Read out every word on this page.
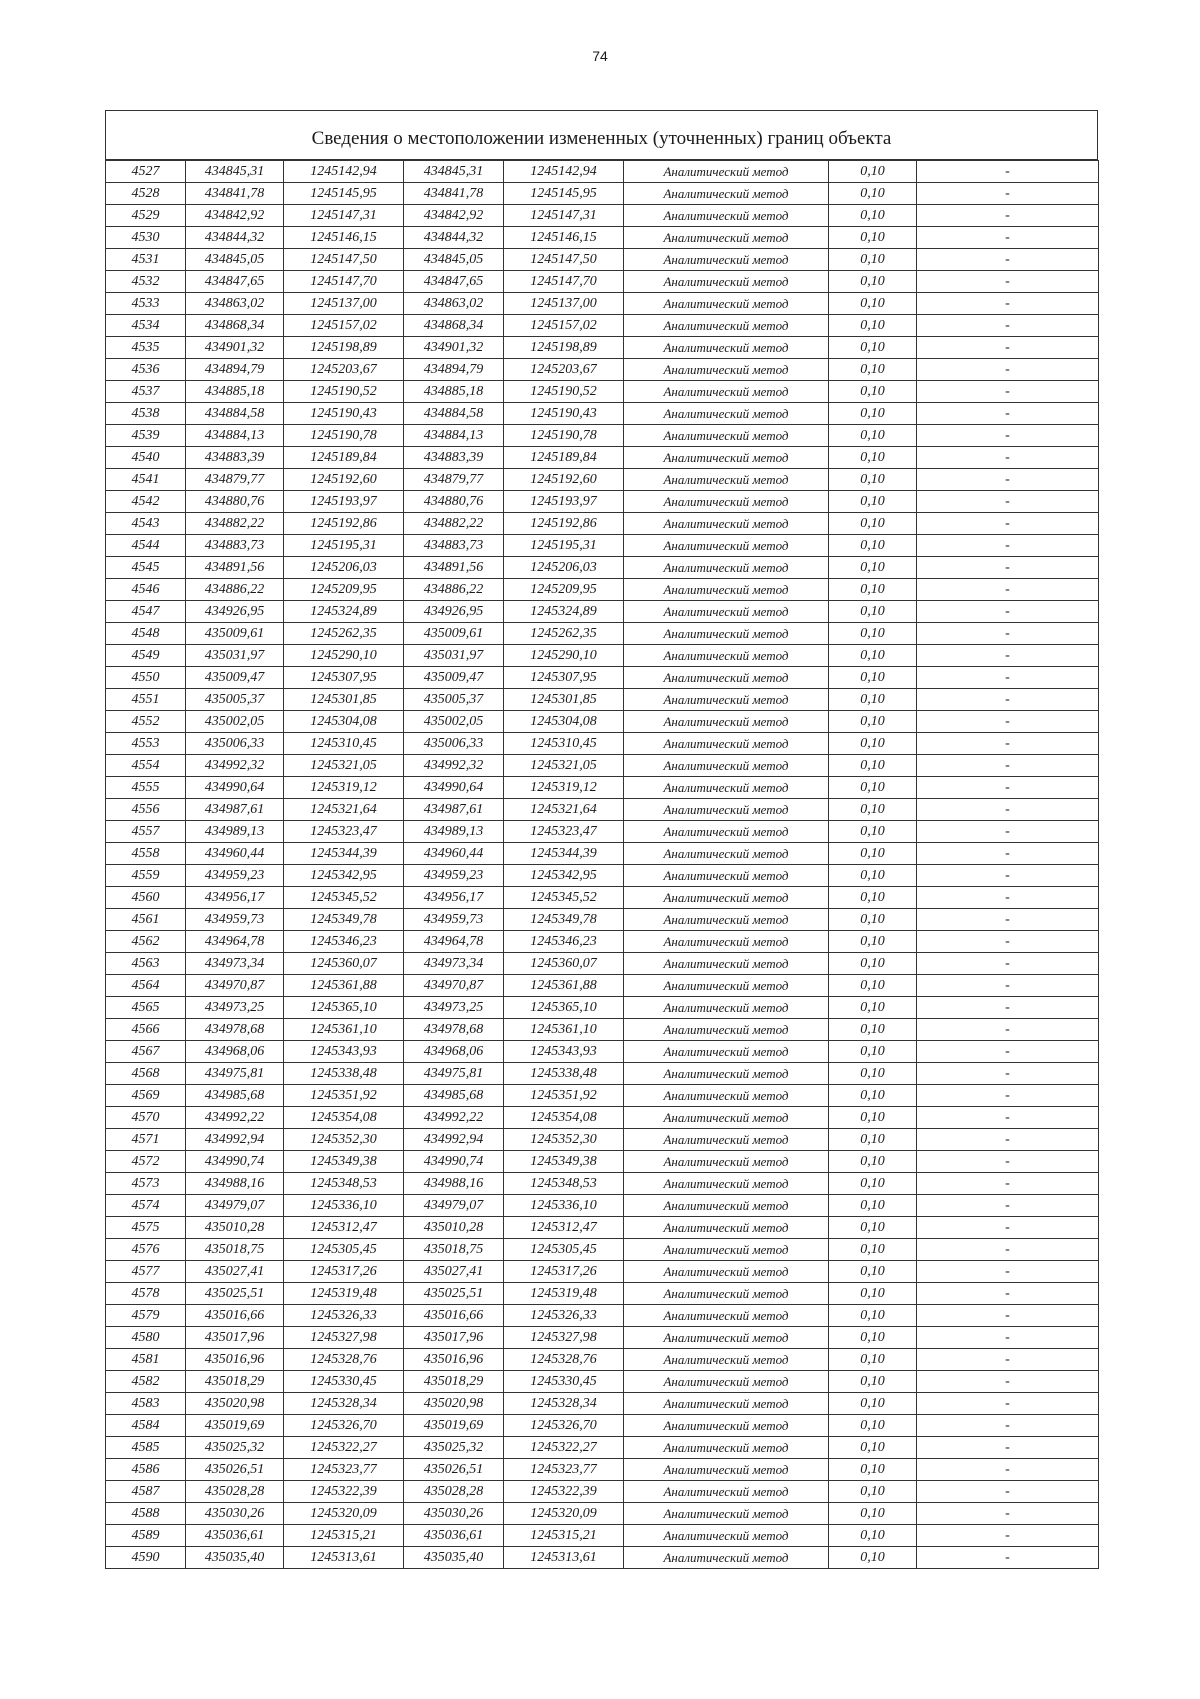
74
Сведения о местоположении измененных (уточненных) границ объекта
4527	434845,31	1245142,94	434845,31	1245142,94	Аналитический метод	0,10	-
4528	434841,78	1245145,95	434841,78	1245145,95	Аналитический метод	0,10	-
4529	434842,92	1245147,31	434842,92	1245147,31	Аналитический метод	0,10	-
4530	434844,32	1245146,15	434844,32	1245146,15	Аналитический метод	0,10	-
4531	434845,05	1245147,50	434845,05	1245147,50	Аналитический метод	0,10	-
4532	434847,65	1245147,70	434847,65	1245147,70	Аналитический метод	0,10	-
4533	434863,02	1245137,00	434863,02	1245137,00	Аналитический метод	0,10	-
4534	434868,34	1245157,02	434868,34	1245157,02	Аналитический метод	0,10	-
4535	434901,32	1245198,89	434901,32	1245198,89	Аналитический метод	0,10	-
4536	434894,79	1245203,67	434894,79	1245203,67	Аналитический метод	0,10	-
4537	434885,18	1245190,52	434885,18	1245190,52	Аналитический метод	0,10	-
4538	434884,58	1245190,43	434884,58	1245190,43	Аналитический метод	0,10	-
4539	434884,13	1245190,78	434884,13	1245190,78	Аналитический метод	0,10	-
4540	434883,39	1245189,84	434883,39	1245189,84	Аналитический метод	0,10	-
4541	434879,77	1245192,60	434879,77	1245192,60	Аналитический метод	0,10	-
4542	434880,76	1245193,97	434880,76	1245193,97	Аналитический метод	0,10	-
4543	434882,22	1245192,86	434882,22	1245192,86	Аналитический метод	0,10	-
4544	434883,73	1245195,31	434883,73	1245195,31	Аналитический метод	0,10	-
4545	434891,56	1245206,03	434891,56	1245206,03	Аналитический метод	0,10	-
4546	434886,22	1245209,95	434886,22	1245209,95	Аналитический метод	0,10	-
4547	434926,95	1245324,89	434926,95	1245324,89	Аналитический метод	0,10	-
4548	435009,61	1245262,35	435009,61	1245262,35	Аналитический метод	0,10	-
4549	435031,97	1245290,10	435031,97	1245290,10	Аналитический метод	0,10	-
4550	435009,47	1245307,95	435009,47	1245307,95	Аналитический метод	0,10	-
4551	435005,37	1245301,85	435005,37	1245301,85	Аналитический метод	0,10	-
4552	435002,05	1245304,08	435002,05	1245304,08	Аналитический метод	0,10	-
4553	435006,33	1245310,45	435006,33	1245310,45	Аналитический метод	0,10	-
4554	434992,32	1245321,05	434992,32	1245321,05	Аналитический метод	0,10	-
4555	434990,64	1245319,12	434990,64	1245319,12	Аналитический метод	0,10	-
4556	434987,61	1245321,64	434987,61	1245321,64	Аналитический метод	0,10	-
4557	434989,13	1245323,47	434989,13	1245323,47	Аналитический метод	0,10	-
4558	434960,44	1245344,39	434960,44	1245344,39	Аналитический метод	0,10	-
4559	434959,23	1245342,95	434959,23	1245342,95	Аналитический метод	0,10	-
4560	434956,17	1245345,52	434956,17	1245345,52	Аналитический метод	0,10	-
4561	434959,73	1245349,78	434959,73	1245349,78	Аналитический метод	0,10	-
4562	434964,78	1245346,23	434964,78	1245346,23	Аналитический метод	0,10	-
4563	434973,34	1245360,07	434973,34	1245360,07	Аналитический метод	0,10	-
4564	434970,87	1245361,88	434970,87	1245361,88	Аналитический метод	0,10	-
4565	434973,25	1245365,10	434973,25	1245365,10	Аналитический метод	0,10	-
4566	434978,68	1245361,10	434978,68	1245361,10	Аналитический метод	0,10	-
4567	434968,06	1245343,93	434968,06	1245343,93	Аналитический метод	0,10	-
4568	434975,81	1245338,48	434975,81	1245338,48	Аналитический метод	0,10	-
4569	434985,68	1245351,92	434985,68	1245351,92	Аналитический метод	0,10	-
4570	434992,22	1245354,08	434992,22	1245354,08	Аналитический метод	0,10	-
4571	434992,94	1245352,30	434992,94	1245352,30	Аналитический метод	0,10	-
4572	434990,74	1245349,38	434990,74	1245349,38	Аналитический метод	0,10	-
4573	434988,16	1245348,53	434988,16	1245348,53	Аналитический метод	0,10	-
4574	434979,07	1245336,10	434979,07	1245336,10	Аналитический метод	0,10	-
4575	435010,28	1245312,47	435010,28	1245312,47	Аналитический метод	0,10	-
4576	435018,75	1245305,45	435018,75	1245305,45	Аналитический метод	0,10	-
4577	435027,41	1245317,26	435027,41	1245317,26	Аналитический метод	0,10	-
4578	435025,51	1245319,48	435025,51	1245319,48	Аналитический метод	0,10	-
4579	435016,66	1245326,33	435016,66	1245326,33	Аналитический метод	0,10	-
4580	435017,96	1245327,98	435017,96	1245327,98	Аналитический метод	0,10	-
4581	435016,96	1245328,76	435016,96	1245328,76	Аналитический метод	0,10	-
4582	435018,29	1245330,45	435018,29	1245330,45	Аналитический метод	0,10	-
4583	435020,98	1245328,34	435020,98	1245328,34	Аналитический метод	0,10	-
4584	435019,69	1245326,70	435019,69	1245326,70	Аналитический метод	0,10	-
4585	435025,32	1245322,27	435025,32	1245322,27	Аналитический метод	0,10	-
4586	435026,51	1245323,77	435026,51	1245323,77	Аналитический метод	0,10	-
4587	435028,28	1245322,39	435028,28	1245322,39	Аналитический метод	0,10	-
4588	435030,26	1245320,09	435030,26	1245320,09	Аналитический метод	0,10	-
4589	435036,61	1245315,21	435036,61	1245315,21	Аналитический метод	0,10	-
4590	435035,40	1245313,61	435035,40	1245313,61	Аналитический метод	0,10	-
